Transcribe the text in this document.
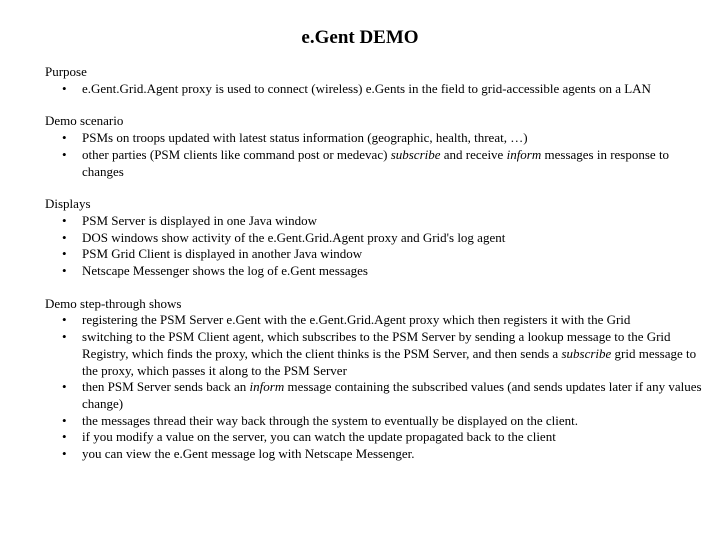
e.Gent DEMO
Purpose
• e.Gent.Grid.Agent proxy is used to connect (wireless) e.Gents in the field to grid-accessible agents on a LAN
Demo scenario
• PSMs on troops updated with latest status information (geographic, health, threat, …)
• other parties (PSM clients like command post or medevac) subscribe and receive inform messages in response to changes
Displays
• PSM Server is displayed in one Java window
• DOS windows show activity of the e.Gent.Grid.Agent proxy and Grid's log agent
• PSM Grid Client is displayed in another Java window
• Netscape Messenger shows the log of e.Gent messages
Demo step-through shows
• registering the PSM Server e.Gent with the e.Gent.Grid.Agent proxy which then registers it with the Grid
• switching to the PSM Client agent, which subscribes to the PSM Server by sending a lookup message to the Grid Registry, which finds the proxy, which the client thinks is the PSM Server, and then sends a subscribe grid message to the proxy, which passes it along to the PSM Server
• then PSM Server sends back an inform message containing the subscribed values (and sends updates later if any values change)
• the messages thread their way back through the system to eventually be displayed on the client.
• if you modify a value on the server, you can watch the update propagated back to the client
• you can view the e.Gent message log with Netscape Messenger.
